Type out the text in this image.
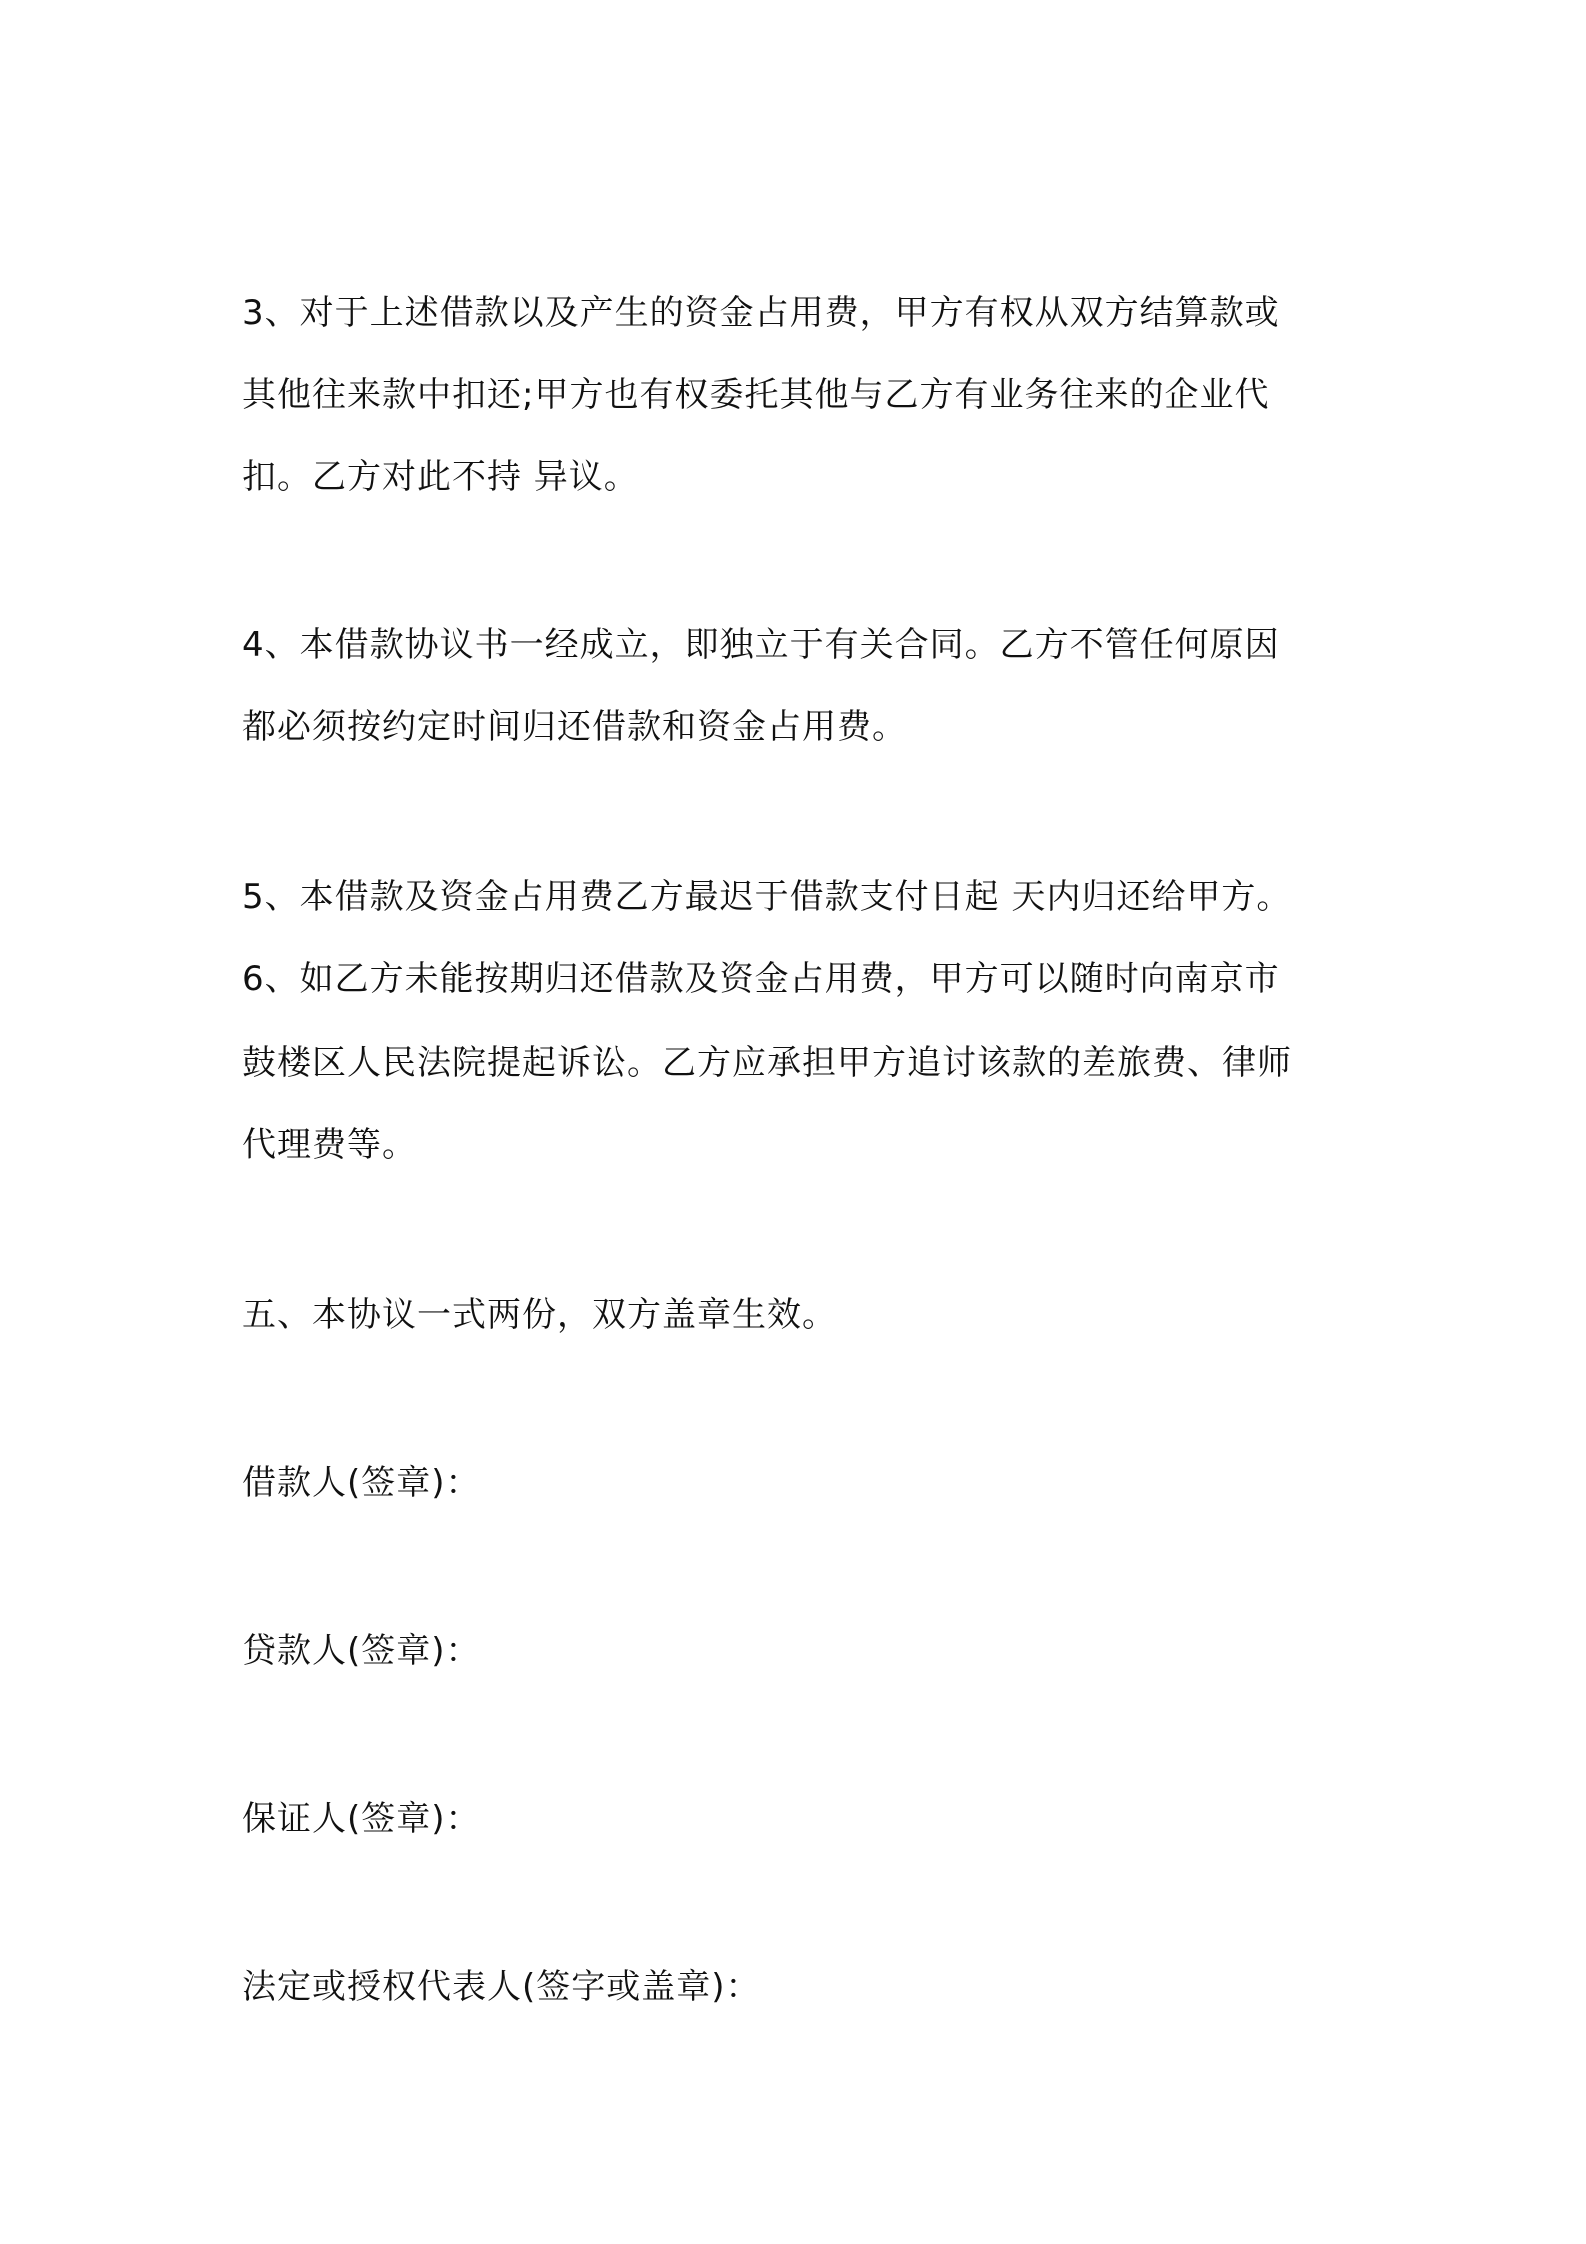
3、对于上述借款以及产生的资金占用费，甲方有权从双方结算款或
其他往来款中扣还;甲方也有权委托其他与乙方有业务往来的企业代
扣。乙方对此不持 异议。
4、本借款协议书一经成立，即独立于有关合同。乙方不管任何原因
都必须按约定时间归还借款和资金占用费。
5、本借款及资金占用费乙方最迟于借款支付日起 天内归还给甲方。
6、如乙方未能按期归还借款及资金占用费，甲方可以随时向南京市
鼓楼区人民法院提起诉讼。乙方应承担甲方追讨该款的差旅费、律师
代理费等。
五、本协议一式两份，双方盖章生效。
借款人(签章)：
贷款人(签章)：
保证人(签章)：
法定或授权代表人(签字或盖章)：
